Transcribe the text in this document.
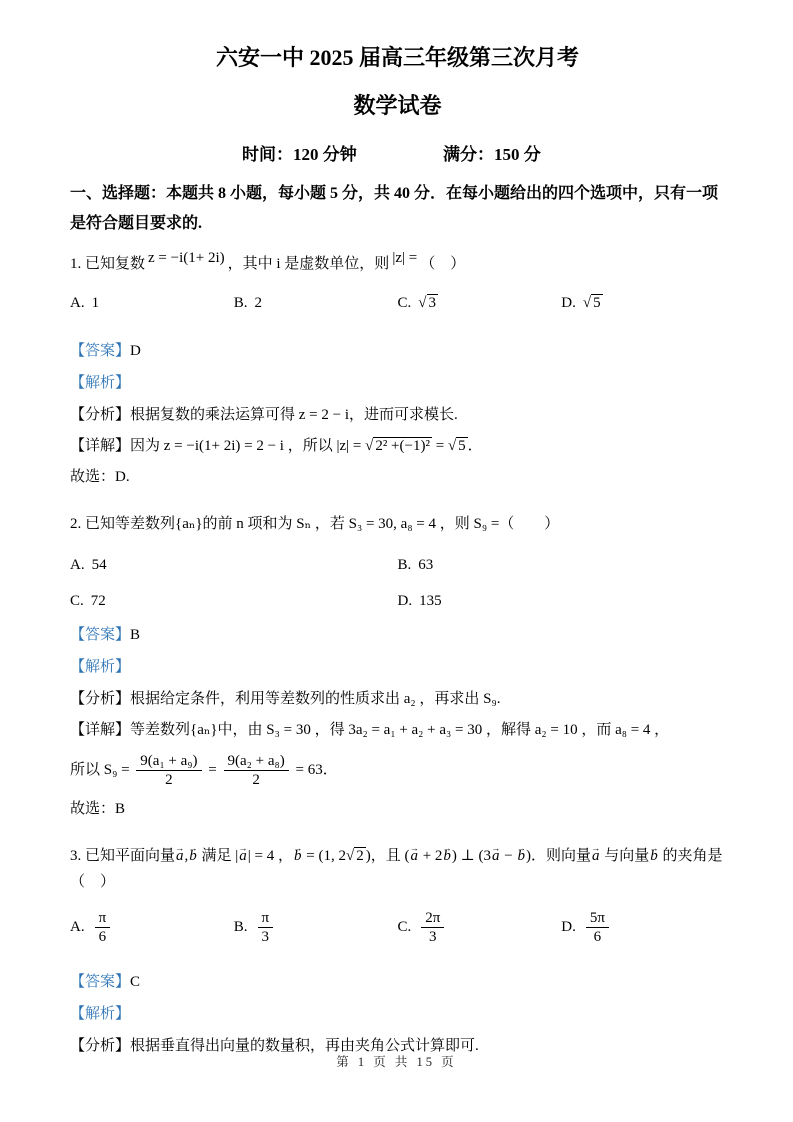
六安一中 2025 届高三年级第三次月考
数学试卷
时间：120 分钟	满分：150 分
一、选择题：本题共 8 小题，每小题 5 分，共 40 分．在每小题给出的四个选项中，只有一项
是符合题目要求的.
1. 已知复数 z = −i(1+ 2i) ，其中 i 是虚数单位，则 |z| = （　）
A. 1	B. 2	C. √ 3	D. √ 5
【答案】D
【解析】
【分析】根据复数的乘法运算可得 z = 2 − i，进而可求模长.
【详解】因为 z = −i(1+ 2i) = 2 − i ，所以 |z| = √ 2² +(−1)² = √ 5 ．
故选：D.
2. 已知等差数列{aₙ}的前 n 项和为 Sₙ ，若 S₃ = 30, a₈ = 4 ，则 S₉ =（　　）
A. 54	B. 63
C. 72	D. 135
【答案】B
【解析】
【分析】根据给定条件，利用等差数列的性质求出 a₂ ，再求出 S₉.
【详解】等差数列{aₙ}中，由 S₃ = 30 ，得 3a₂ = a₁ + a₂ + a₃ = 30 ，解得 a₂ = 10 ，而 a₈ = 4 ，
所以 $S_9 = \frac{\text{9(a₁ + a₉)}}{2} = \frac{\text{9(a₂ + a₈)}}{2} = 63$．
故选：B
3. 已知平面向量a →,b → 满足 |a →| = 4 ，b → = (1, 2√ 2 )，且 (a → + 2b →) ⊥ (3a → − b →)．则向量a → 与向量b → 的夹角是（　）
A. $\frac{\pi}{6}$	B. $\frac{\pi}{3}$	C. $\frac{2\pi}{3}$	D. $\frac{5\pi}{6}$
【答案】C
【解析】
【分析】根据垂直得出向量的数量积，再由夹角公式计算即可.
第 1 页 共 15 页
